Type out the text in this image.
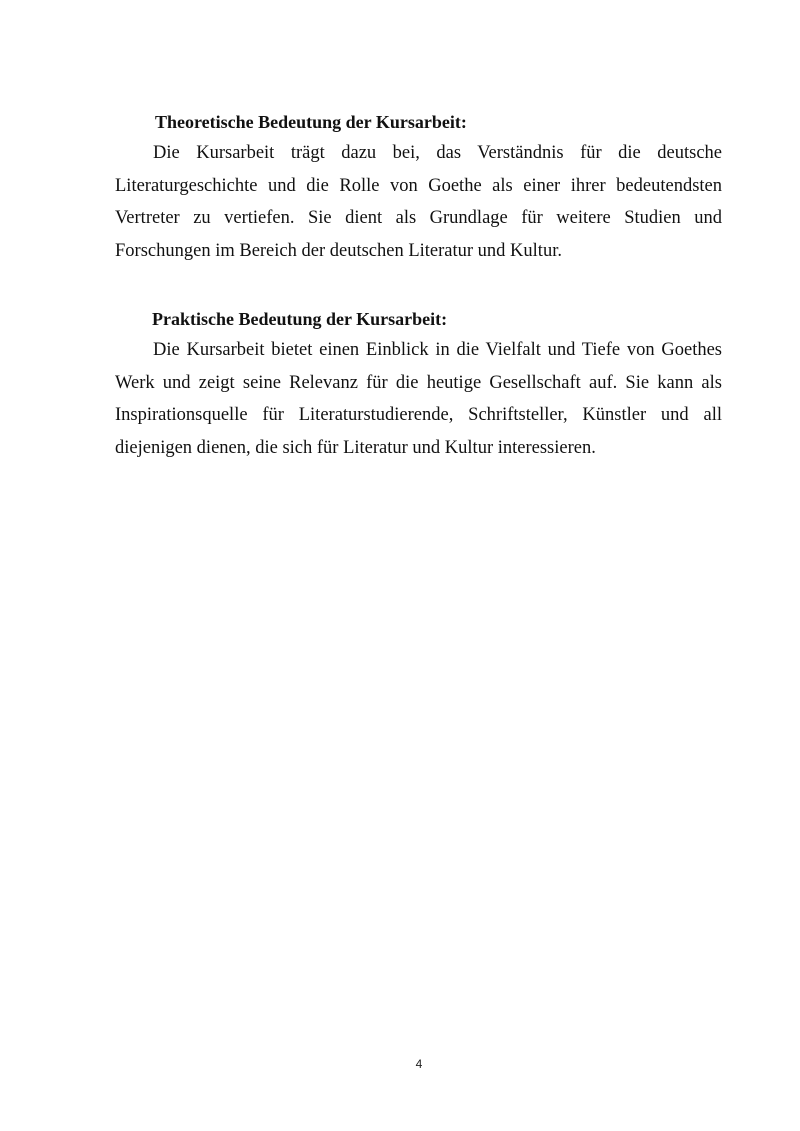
Theoretische Bedeutung der Kursarbeit:

Die Kursarbeit trägt dazu bei, das Verständnis für die deutsche Literaturgeschichte und die Rolle von Goethe als einer ihrer bedeutendsten Vertreter zu vertiefen. Sie dient als Grundlage für weitere Studien und Forschungen im Bereich der deutschen Literatur und Kultur.

Praktische Bedeutung der Kursarbeit:

Die Kursarbeit bietet einen Einblick in die Vielfalt und Tiefe von Goethes Werk und zeigt seine Relevanz für die heutige Gesellschaft auf. Sie kann als Inspirationsquelle für Literaturstudierende, Schriftsteller, Künstler und all diejenigen dienen, die sich für Literatur und Kultur interessieren.

4
